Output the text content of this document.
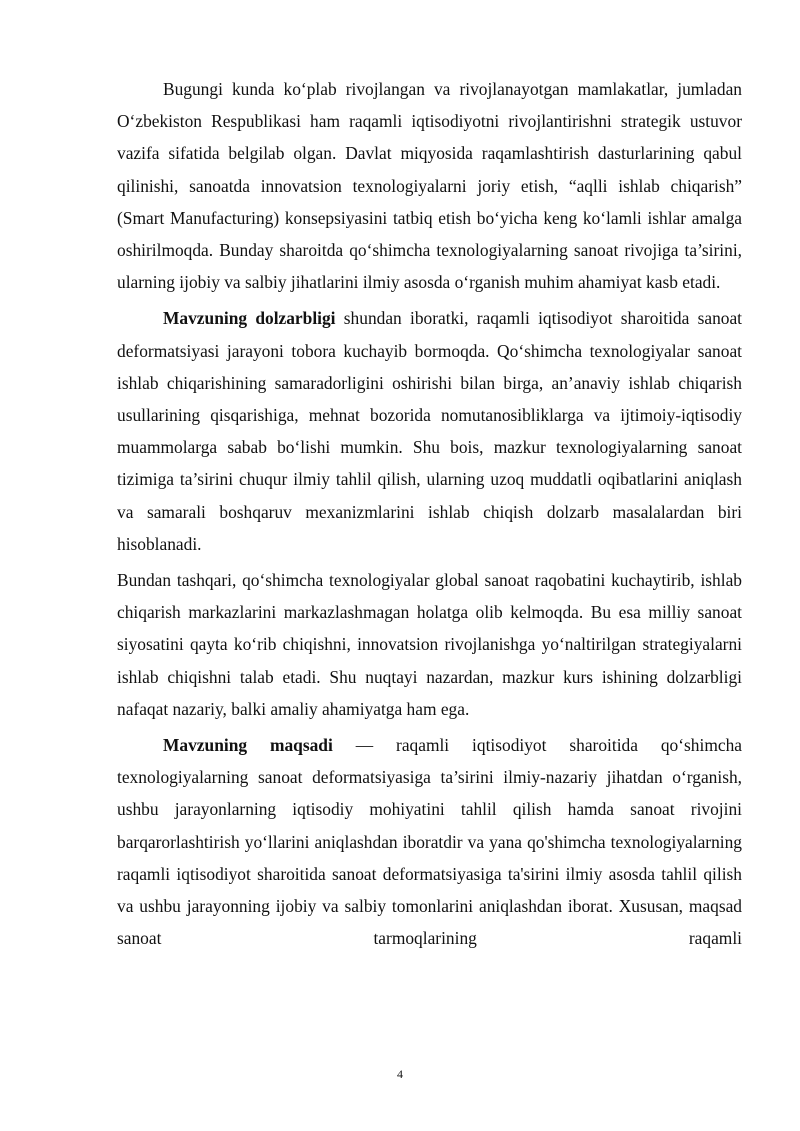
Bugungi kunda ko‘plab rivojlangan va rivojlanayotgan mamlakatlar, jumladan O‘zbekiston Respublikasi ham raqamli iqtisodiyotni rivojlantirishni strategik ustuvor vazifa sifatida belgilab olgan. Davlat miqyosida raqamlashtirish dasturlarining qabul qilinishi, sanoatda innovatsion texnologiyalarni joriy etish, “aqlli ishlab chiqarish” (Smart Manufacturing) konsepsiyasini tatbiq etish bo‘yicha keng ko‘lamli ishlar amalga oshirilmoqda. Bunday sharoitda qo‘shimcha texnologiyalarning sanoat rivojiga ta’sirini, ularning ijobiy va salbiy jihatlarini ilmiy asosda o‘rganish muhim ahamiyat kasb etadi.

Mavzuning dolzarbligi shundan iboratki, raqamli iqtisodiyot sharoitida sanoat deformatsiyasi jarayoni tobora kuchayib bormoqda. Qo‘shimcha texnologiyalar sanoat ishlab chiqarishining samaradorligini oshirishi bilan birga, an’anaviy ishlab chiqarish usullarining qisqarishiga, mehnat bozorida nomutanosibliklarga va ijtimoiy-iqtisodiy muammolarga sabab bo‘lishi mumkin. Shu bois, mazkur texnologiyalarning sanoat tizimiga ta’sirini chuqur ilmiy tahlil qilish, ularning uzoq muddatli oqibatlarini aniqlash va samarali boshqaruv mexanizmlarini ishlab chiqish dolzarb masalalardan biri hisoblanadi.

Bundan tashqari, qo‘shimcha texnologiyalar global sanoat raqobatini kuchaytirib, ishlab chiqarish markazlarini markazlashmagan holatga olib kelmoqda. Bu esa milliy sanoat siyosatini qayta ko‘rib chiqishni, innovatsion rivojlanishga yo‘naltirilgan strategiyalarni ishlab chiqishni talab etadi. Shu nuqtayi nazardan, mazkur kurs ishining dolzarbligi nafaqat nazariy, balki amaliy ahamiyatga ham ega.

Mavzuning maqsadi — raqamli iqtisodiyot sharoitida qo‘shimcha texnologiyalarning sanoat deformatsiyasiga ta’sirini ilmiy-nazariy jihatdan o‘rganish, ushbu jarayonlarning iqtisodiy mohiyatini tahlil qilish hamda sanoat rivojini barqarorlashtirish yo‘llarini aniqlashdan iboratdir va yana qo'shimcha texnologiyalarning raqamli iqtisodiyot sharoitida sanoat deformatsiyasiga ta'sirini ilmiy asosda tahlil qilish va ushbu jarayonning ijobiy va salbiy tomonlarini aniqlashdan iborat. Xususan, maqsad sanoat tarmoqlarining raqamli

4
